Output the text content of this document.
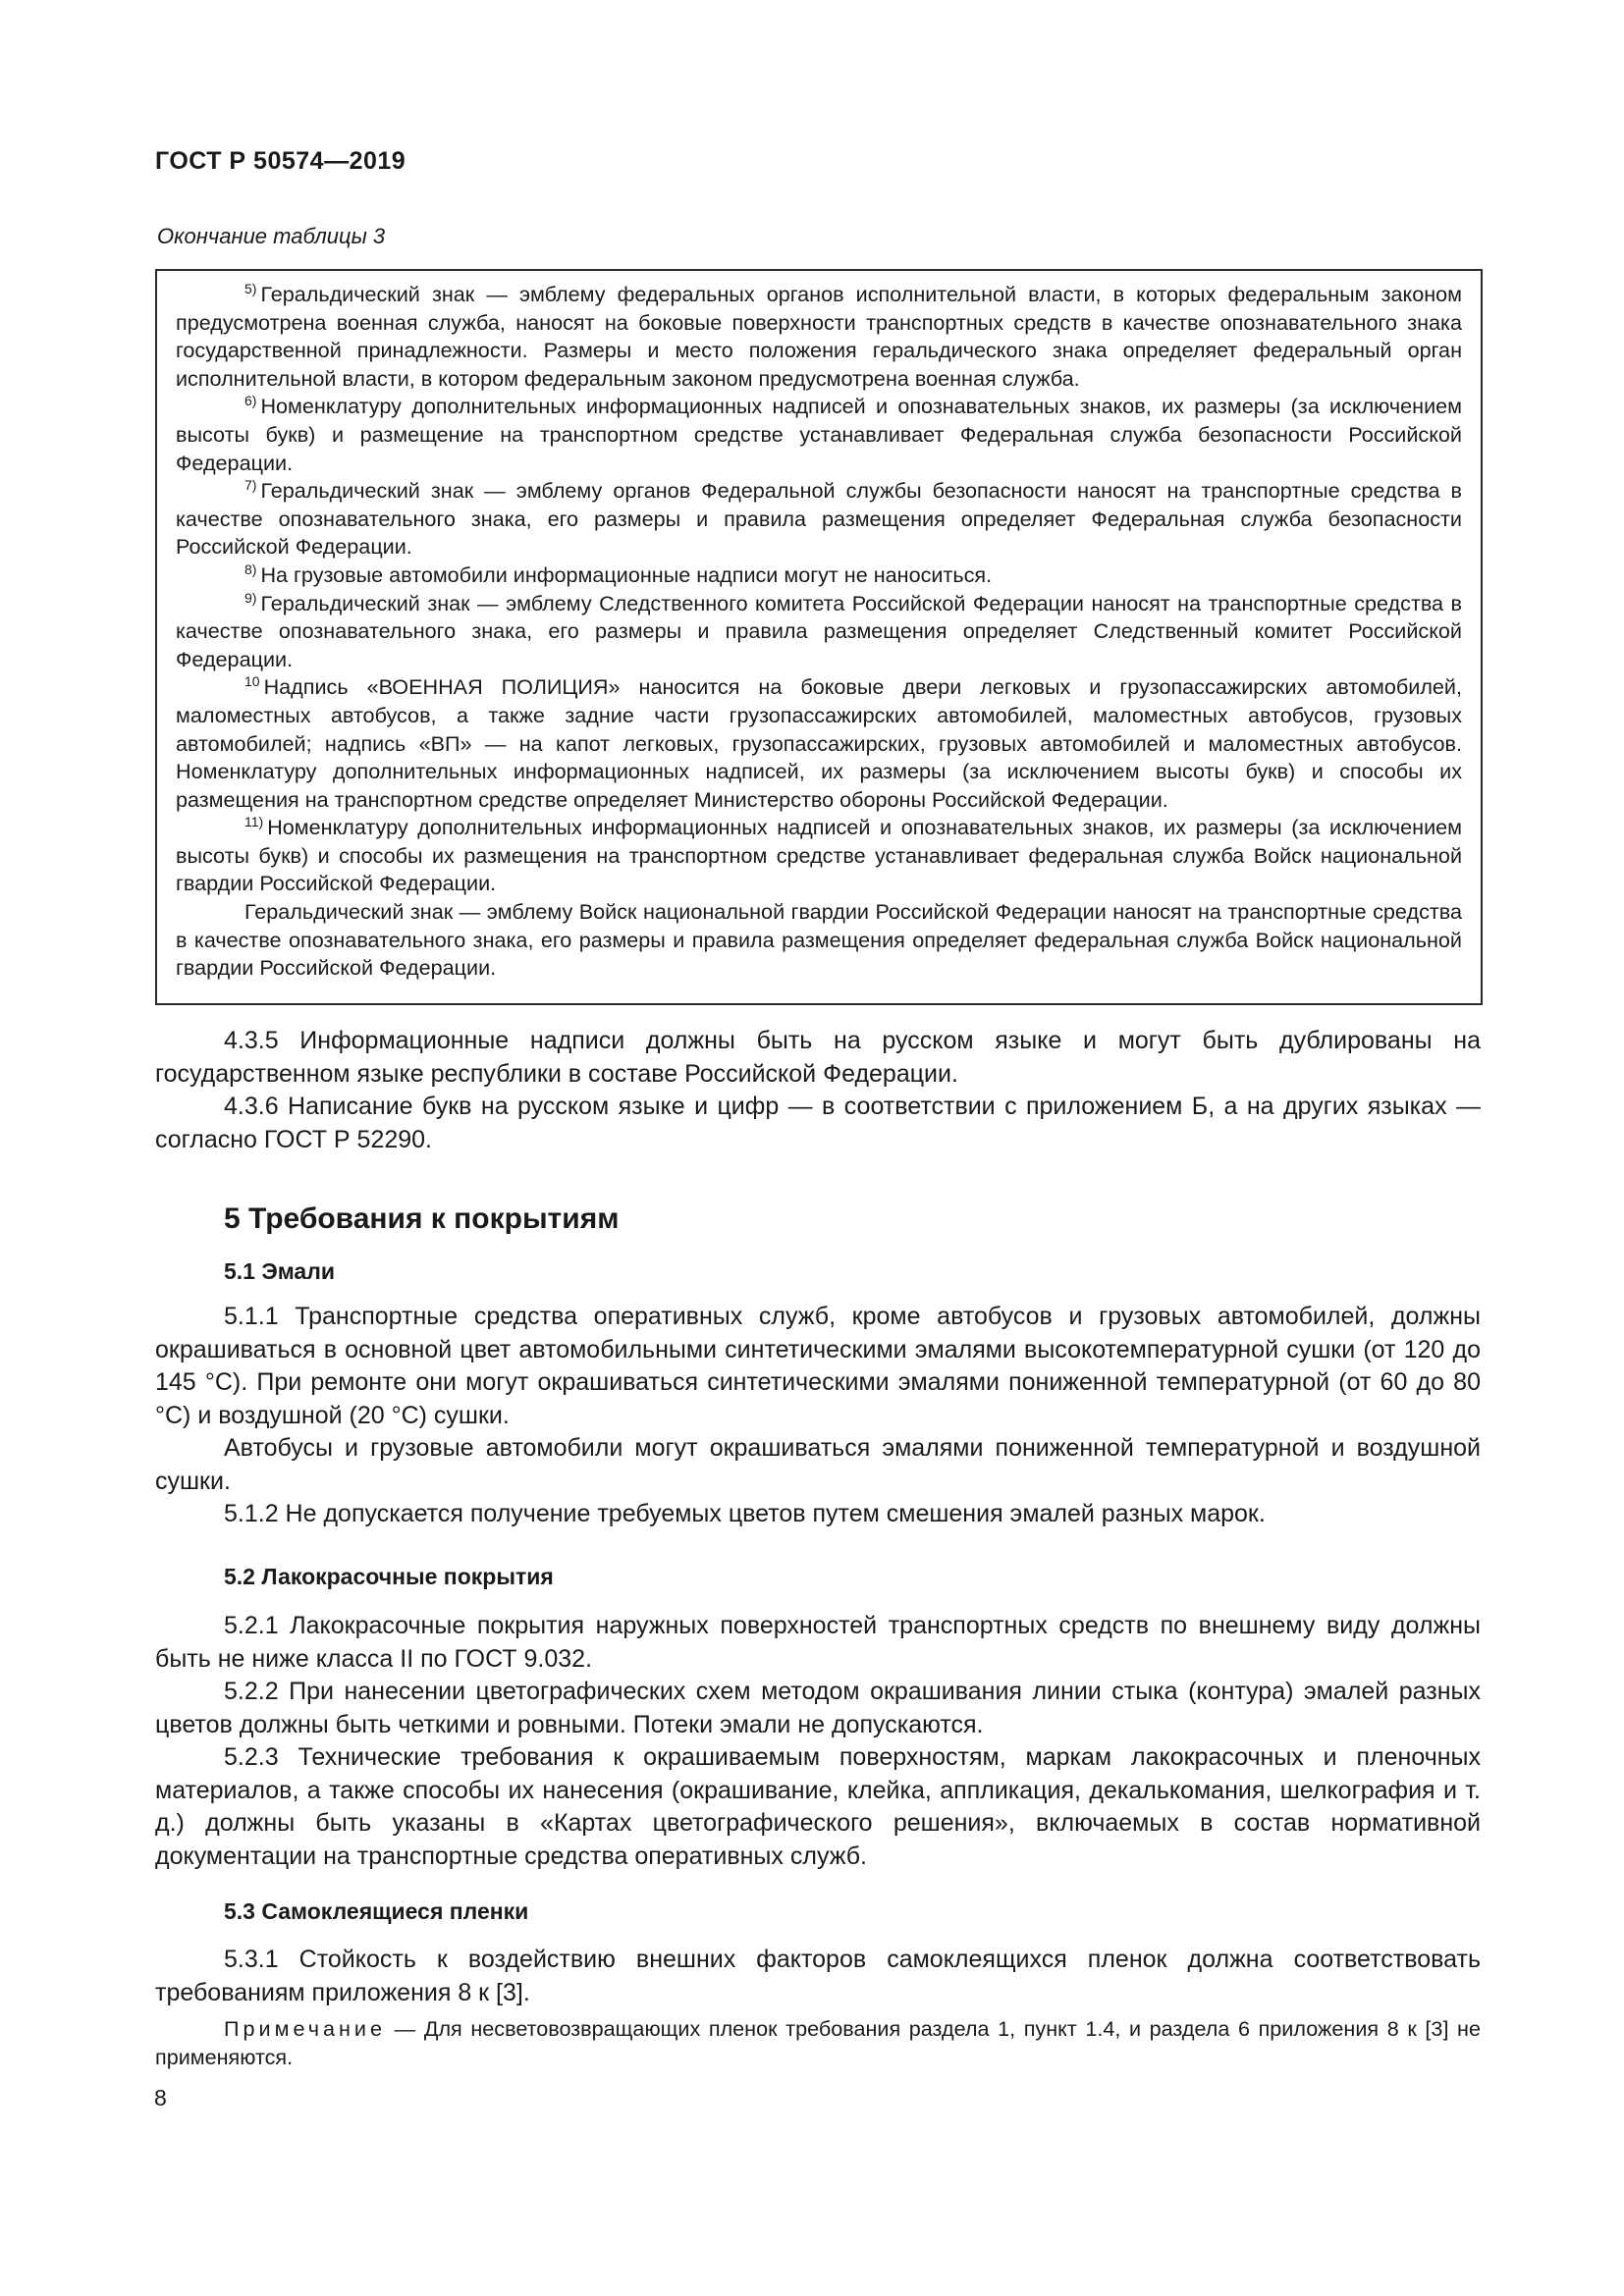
ГОСТ Р 50574—2019
Окончание таблицы 3

$^{5)}$ Геральдический знак — эмблему федеральных органов исполнительной власти, в которых федеральным законом предусмотрена военная служба, наносят на боковые поверхности транспортных средств в качестве опознавательного знака государственной принадлежности. Размеры и место положения геральдического знака определяет федеральный орган исполнительной власти, в котором федеральным законом предусмотрена военная служба.

$^{6)}$ Номенклатуру дополнительных информационных надписей и опознавательных знаков, их размеры (за исключением высоты букв) и размещение на транспортном средстве устанавливает Федеральная служба безопасности Российской Федерации.

$^{7)}$ Геральдический знак — эмблему органов Федеральной службы безопасности наносят на транспортные средства в качестве опознавательного знака, его размеры и правила размещения определяет Федеральная служба безопасности Российской Федерации.

$^{8)}$ На грузовые автомобили информационные надписи могут не наноситься.

$^{9)}$ Геральдический знак — эмблему Следственного комитета Российской Федерации наносят на транспортные средства в качестве опознавательного знака, его размеры и правила размещения определяет Следственный комитет Российской Федерации.

$^{10}$ Надпись «ВОЕННАЯ ПОЛИЦИЯ» наносится на боковые двери легковых и грузопассажирских автомобилей, маломестных автобусов, а также задние части грузопассажирских автомобилей, маломестных автобусов, грузовых автомобилей; надпись «ВП» — на капот легковых, грузопассажирских, грузовых автомобилей и маломестных автобусов. Номенклатуру дополнительных информационных надписей, их размеры (за исключением высоты букв) и способы их размещения на транспортном средстве определяет Министерство обороны Российской Федерации.

$^{11)}$ Номенклатуру дополнительных информационных надписей и опознавательных знаков, их размеры (за исключением высоты букв) и способы их размещения на транспортном средстве устанавливает федеральная служба Войск национальной гвардии Российской Федерации.

Геральдический знак — эмблему Войск национальной гвардии Российской Федерации наносят на транспортные средства в качестве опознавательного знака, его размеры и правила размещения определяет федеральная служба Войск национальной гвардии Российской Федерации.

4.3.5 Информационные надписи должны быть на русском языке и могут быть дублированы на государственном языке республики в составе Российской Федерации.

4.3.6 Написание букв на русском языке и цифр — в соответствии с приложением Б, а на других языках — согласно ГОСТ Р 52290.

5 Требования к покрытиям
5.1 Эмали

5.1.1 Транспортные средства оперативных служб, кроме автобусов и грузовых автомобилей, должны окрашиваться в основной цвет автомобильными синтетическими эмалями высокотемпературной сушки (от 120 до 145 °С). При ремонте они могут окрашиваться синтетическими эмалями пониженной температурной (от 60 до 80 °С) и воздушной (20 °С) сушки.

Автобусы и грузовые автомобили могут окрашиваться эмалями пониженной температурной и воздушной сушки.

5.1.2 Не допускается получение требуемых цветов путем смешения эмалей разных марок.

5.2 Лакокрасочные покрытия

5.2.1 Лакокрасочные покрытия наружных поверхностей транспортных средств по внешнему виду должны быть не ниже класса II по ГОСТ 9.032.

5.2.2 При нанесении цветографических схем методом окрашивания линии стыка (контура) эмалей разных цветов должны быть четкими и ровными. Потеки эмали не допускаются.

5.2.3 Технические требования к окрашиваемым поверхностям, маркам лакокрасочных и пленочных материалов, а также способы их нанесения (окрашивание, клейка, аппликация, декалькомания, шелкография и т. д.) должны быть указаны в «Картах цветографического решения», включаемых в состав нормативной документации на транспортные средства оперативных служб.

5.3 Самоклеящиеся пленки

5.3.1 Стойкость к воздействию внешних факторов самоклеящихся пленок должна соответствовать требованиям приложения 8 к [3].

Примечание — Для несветовозвращающих пленок требования раздела 1, пункт 1.4, и раздела 6 приложения 8 к [3] не применяются.

8
